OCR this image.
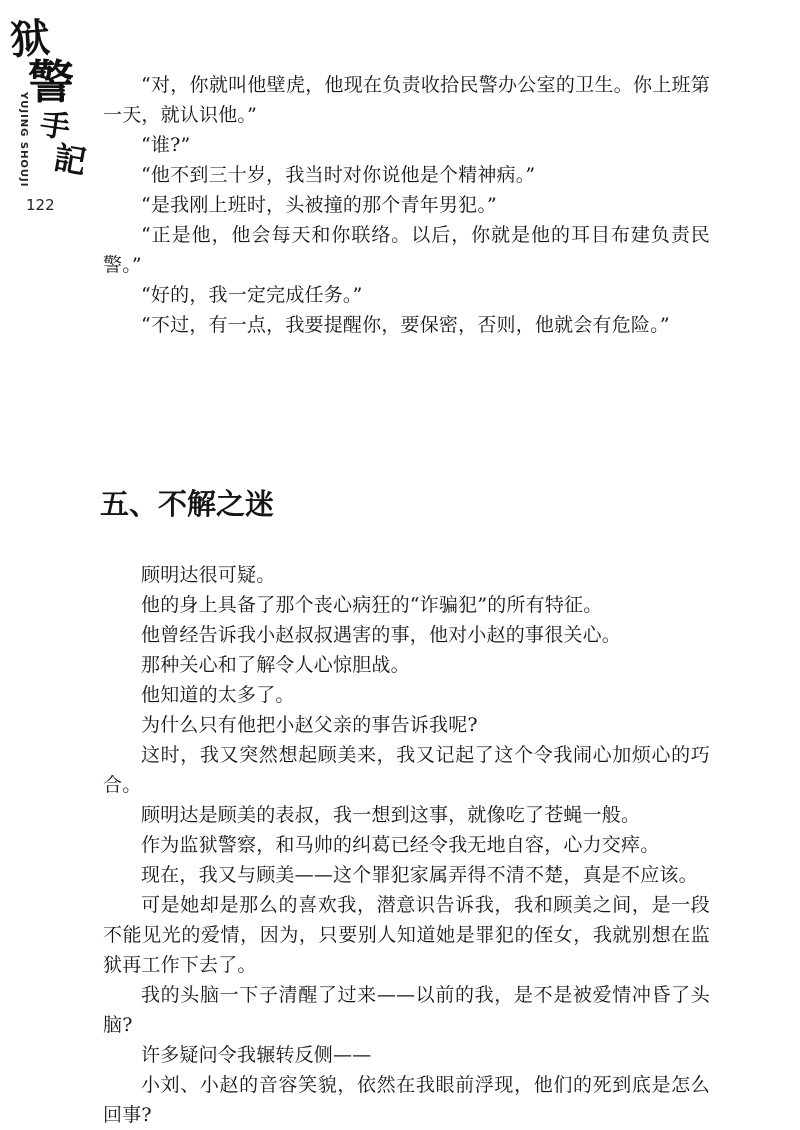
狱
警
手
記
YUJING SHOUJI
122

“对，你就叫他壁虎，他现在负责收拾民警办公室的卫生。你上班第一天，就认识他。”

“谁?”

“他不到三十岁，我当时对你说他是个精神病。”

“是我刚上班时，头被撞的那个青年男犯。”

“正是他，他会每天和你联络。以后，你就是他的耳目布建负责民警。”

“好的，我一定完成任务。”

“不过，有一点，我要提醒你，要保密，否则，他就会有危险。”

五、不解之迷

顾明达很可疑。

他的身上具备了那个丧心病狂的“诈骗犯”的所有特征。

他曾经告诉我小赵叔叔遇害的事，他对小赵的事很关心。

那种关心和了解令人心惊胆战。

他知道的太多了。

为什么只有他把小赵父亲的事告诉我呢?

这时，我又突然想起顾美来，我又记起了这个令我闹心加烦心的巧合。

顾明达是顾美的表叔，我一想到这事，就像吃了苍蝇一般。

作为监狱警察，和马帅的纠葛已经令我无地自容，心力交瘁。

现在，我又与顾美——这个罪犯家属弄得不清不楚，真是不应该。

可是她却是那么的喜欢我，潜意识告诉我，我和顾美之间，是一段不能见光的爱情，因为，只要别人知道她是罪犯的侄女，我就别想在监狱再工作下去了。

我的头脑一下子清醒了过来——以前的我，是不是被爱情冲昏了头脑?

许多疑问令我辗转反侧——

小刘、小赵的音容笑貌，依然在我眼前浮现，他们的死到底是怎么回事?
